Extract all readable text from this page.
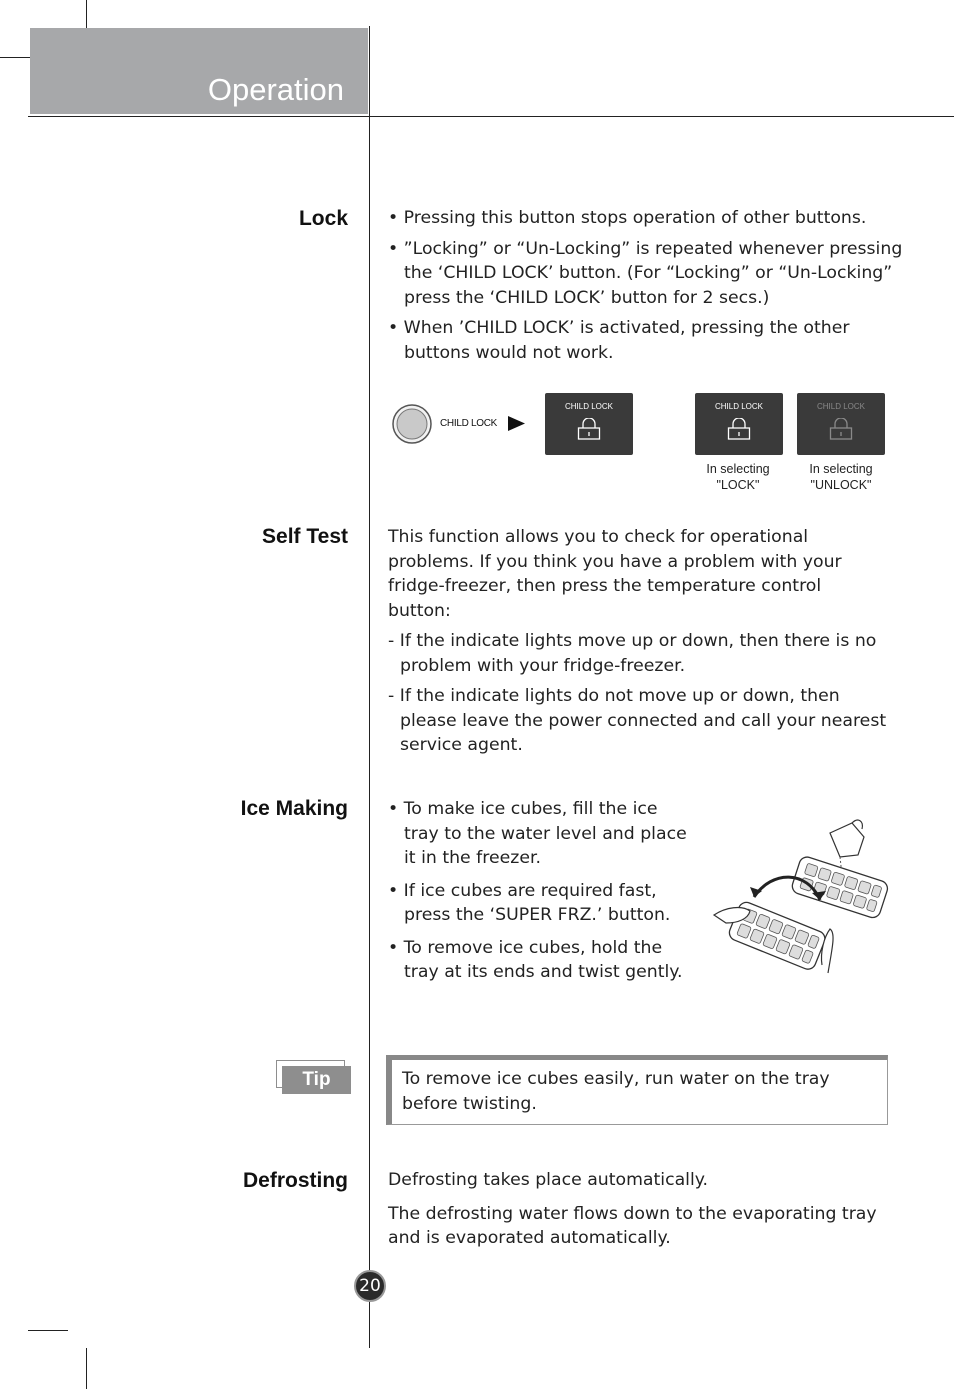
Operation
Lock • Pressing this button stops operation of other buttons.

• ”Locking” or “Un-Locking” is repeated whenever pressing the ‘CHILD LOCK’ button. (For “Locking” or “Un-Locking” press the ‘CHILD LOCK’ button for 2 secs.)

• When ’CHILD LOCK’ is activated, pressing the other buttons would not work.

CHILD LOCK
CHILD LOCK	CHILD LOCK
In selecting
"LOCK"
CHILD LOCK
In selecting
"UNLOCK"
Self Test This function allows you to check for operational problems. If you think you have a problem with your fridge-freezer, then press the temperature control button:

- If the indicate lights move up or down, then there is no problem with your fridge-freezer.

- If the indicate lights do not move up or down, then please leave the power connected and call your nearest service agent.

Ice Making • To make ice cubes, fill the ice tray to the water level and place it in the freezer.

• If ice cubes are required fast, press the ‘SUPER FRZ.’ button.

• To remove ice cubes, hold the tray at its ends and twist gently.

Tip	To remove ice cubes easily, run water on the tray before twisting.
Defrosting Defrosting takes place automatically.

The defrosting water flows down to the evaporating tray and is evaporated automatically.

20
